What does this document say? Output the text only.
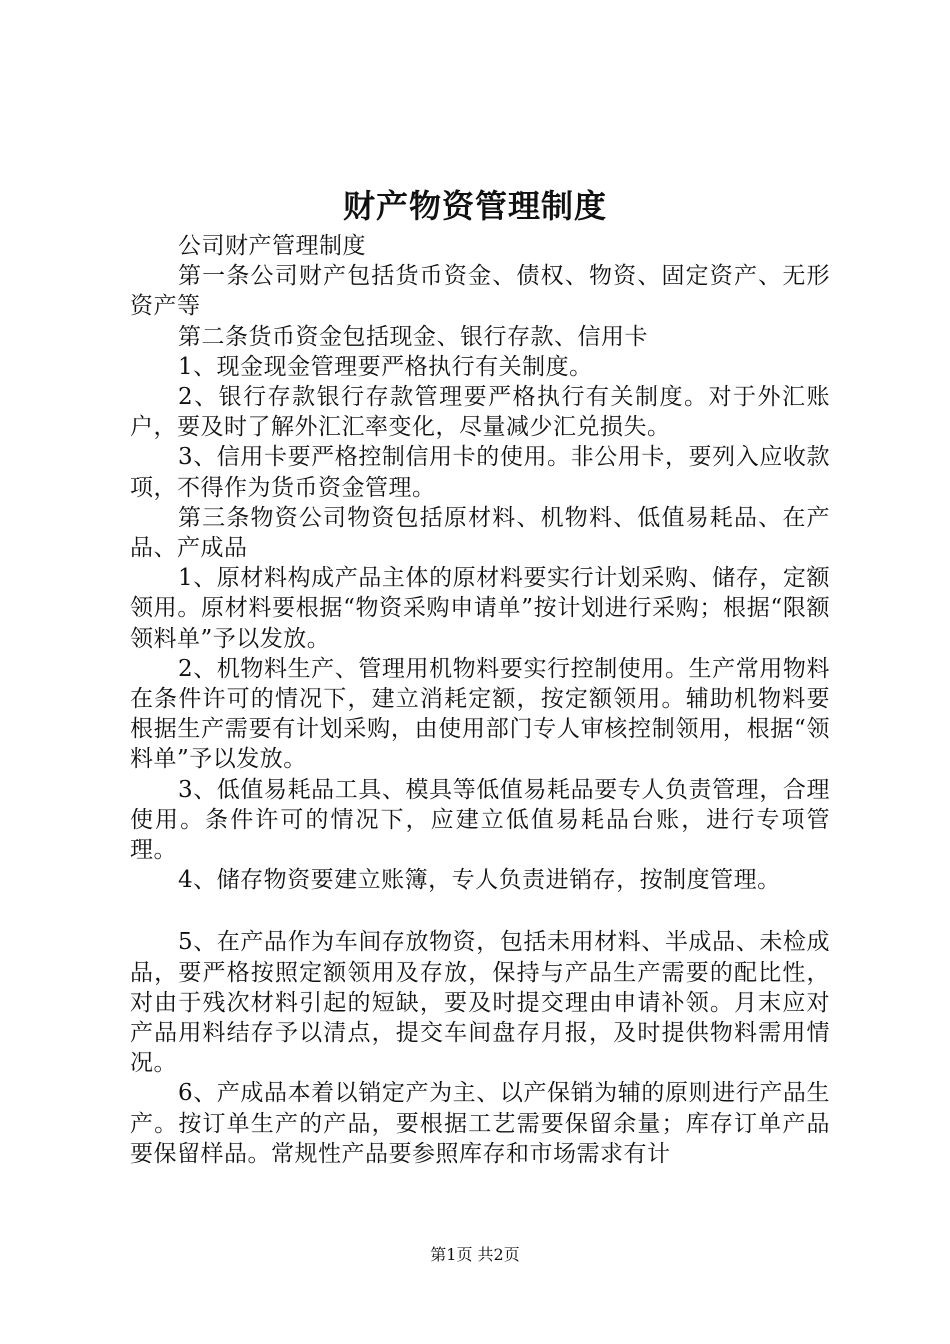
财产物资管理制度

公司财产管理制度

第一条公司财产包括货币资金、债权、物资、固定资产、无形资产等

第二条货币资金包括现金、银行存款、信用卡

1、现金现金管理要严格执行有关制度。

2、银行存款银行存款管理要严格执行有关制度。对于外汇账户，要及时了解外汇汇率变化，尽量减少汇兑损失。

3、信用卡要严格控制信用卡的使用。非公用卡，要列入应收款项，不得作为货币资金管理。

第三条物资公司物资包括原材料、机物料、低值易耗品、在产品、产成品

1、原材料构成产品主体的原材料要实行计划采购、储存，定额领用。原材料要根据“物资采购申请单”按计划进行采购；根据“限额领料单”予以发放。

2、机物料生产、管理用机物料要实行控制使用。生产常用物料在条件许可的情况下，建立消耗定额，按定额领用。辅助机物料要根据生产需要有计划采购，由使用部门专人审核控制领用，根据“领料单”予以发放。

3、低值易耗品工具、模具等低值易耗品要专人负责管理，合理使用。条件许可的情况下，应建立低值易耗品台账，进行专项管理。

4、储存物资要建立账簿，专人负责进销存，按制度管理。

5、在产品作为车间存放物资，包括未用材料、半成品、未检成品，要严格按照定额领用及存放，保持与产品生产需要的配比性，对由于残次材料引起的短缺，要及时提交理由申请补领。月末应对产品用料结存予以清点，提交车间盘存月报，及时提供物料需用情况。

6、产成品本着以销定产为主、以产保销为辅的原则进行产品生产。按订单生产的产品，要根据工艺需要保留余量；库存订单产品要保留样品。常规性产品要参照库存和市场需求有计

第1页 共2页
